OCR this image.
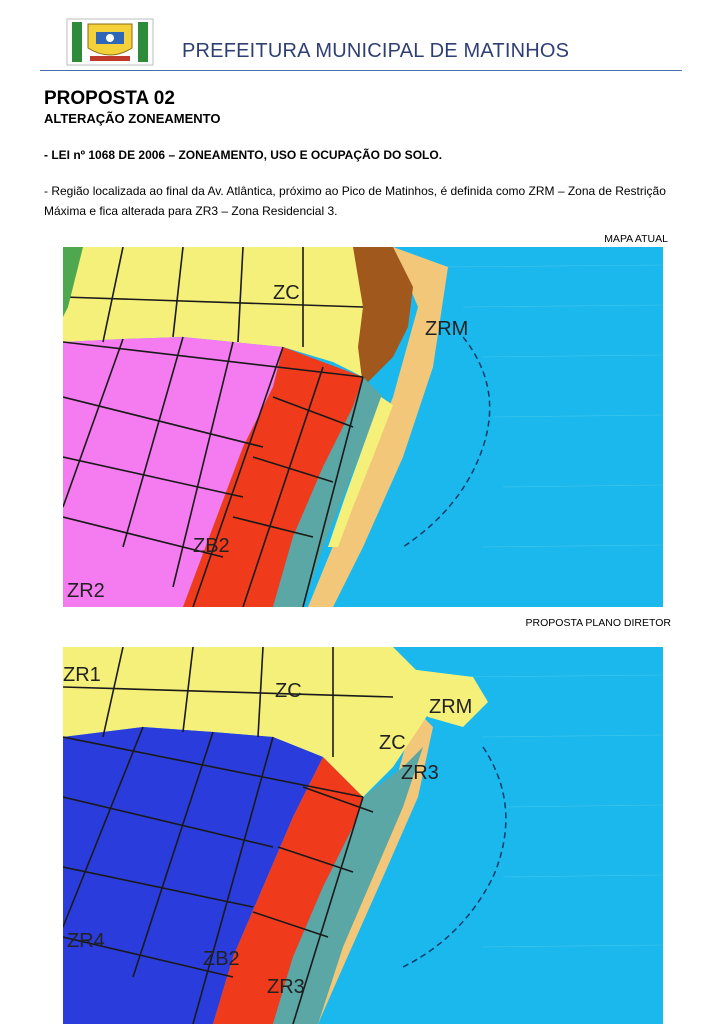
PREFEITURA MUNICIPAL DE MATINHOS
PROPOSTA 02
ALTERAÇÃO ZONEAMENTO
- LEI nº 1068 DE 2006 – ZONEAMENTO, USO E OCUPAÇÃO DO SOLO.
- Região localizada ao final da Av. Atlântica, próximo ao Pico de Matinhos, é definida como ZRM – Zona de Restrição Máxima e fica alterada para ZR3 – Zona Residencial 3.
MAPA ATUAL
ZC
ZRM
ZB2
ZR2
PROPOSTA PLANO DIRETOR
ZR1
ZC
ZRM
ZC
ZR3
ZR4
ZB2
ZR3
